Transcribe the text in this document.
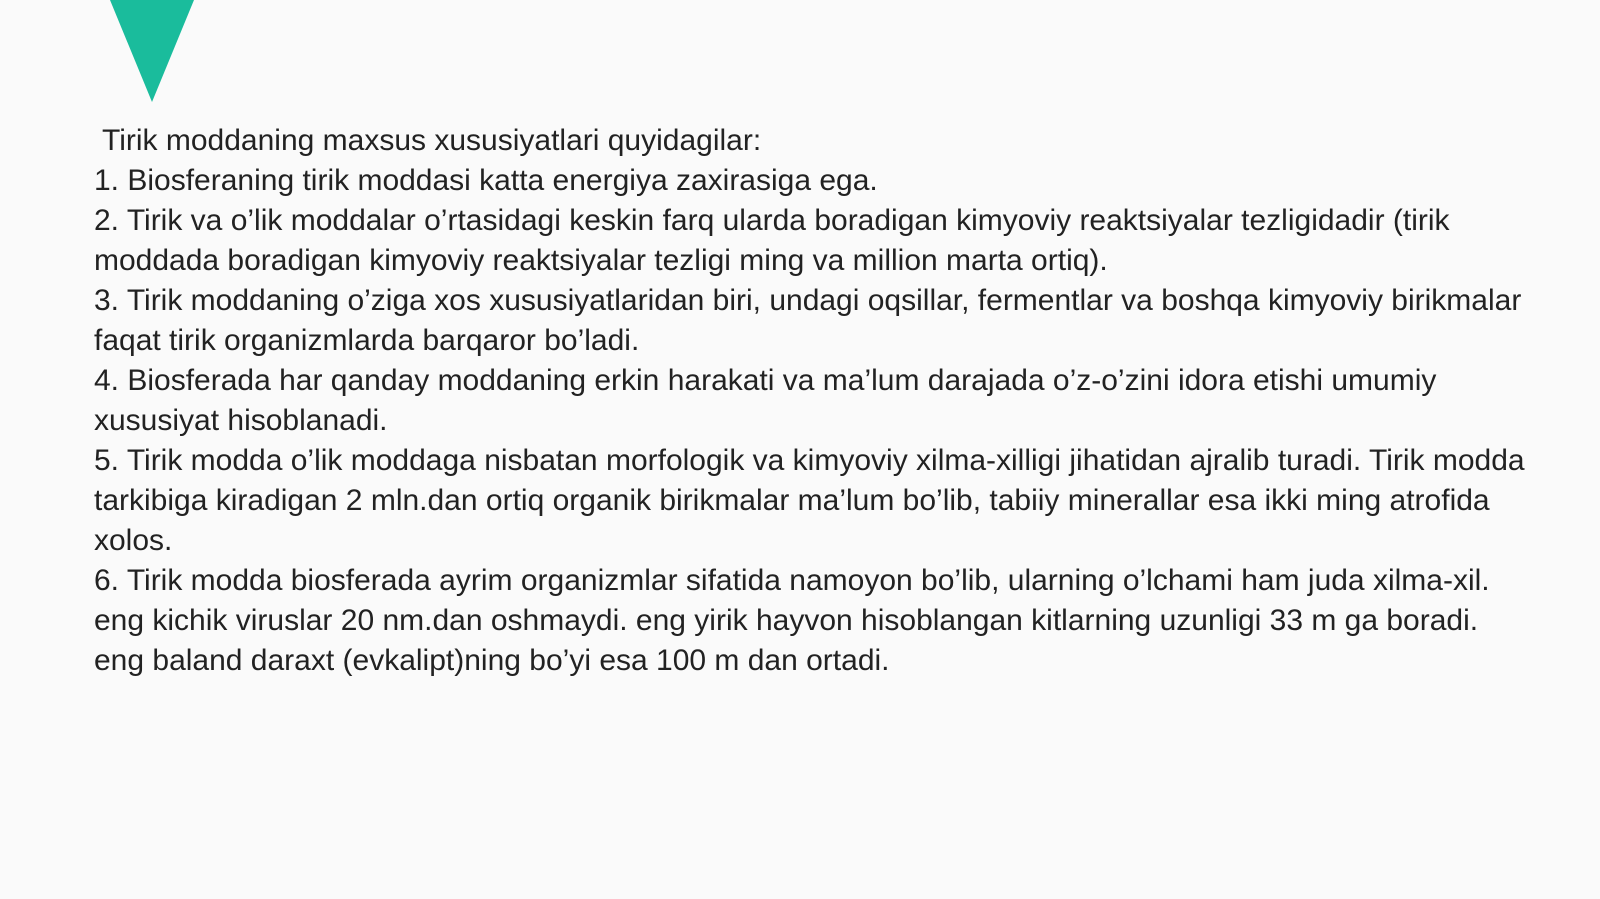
Tirik moddaning maxsus xususiyatlari quyidagilar:

1. Biosferaning tirik moddasi katta energiya zaxirasiga ega.

2. Tirik va o’lik moddalar o’rtasidagi keskin farq ularda boradigan kimyoviy reaktsiyalar tezligidadir (tirik moddada boradigan kimyoviy reaktsiyalar tezligi ming va million marta ortiq).

3. Tirik moddaning o’ziga xos xususiyatlaridan biri, undagi oqsillar, fermentlar va boshqa kimyoviy birikmalar faqat tirik organizmlarda barqaror bo’ladi.

4. Biosferada har qanday moddaning erkin harakati va ma’lum darajada o’z-o’zini idora etishi umumiy xususiyat hisoblanadi.

5. Tirik modda o’lik moddaga nisbatan morfologik va kimyoviy xilma-xilligi jihatidan ajralib turadi. Tirik modda tarkibiga kiradigan 2 mln.dan ortiq organik birikmalar ma’lum bo’lib, tabiiy minerallar esa ikki ming atrofida xolos.

6. Tirik modda biosferada ayrim organizmlar sifatida namoyon bo’lib, ularning o’lchami ham juda xilma-xil. eng kichik viruslar 20 nm.dan oshmaydi. eng yirik hayvon hisoblangan kitlarning uzunligi 33 m ga boradi. eng baland daraxt (evkalipt)ning bo’yi esa 100 m dan ortadi.
